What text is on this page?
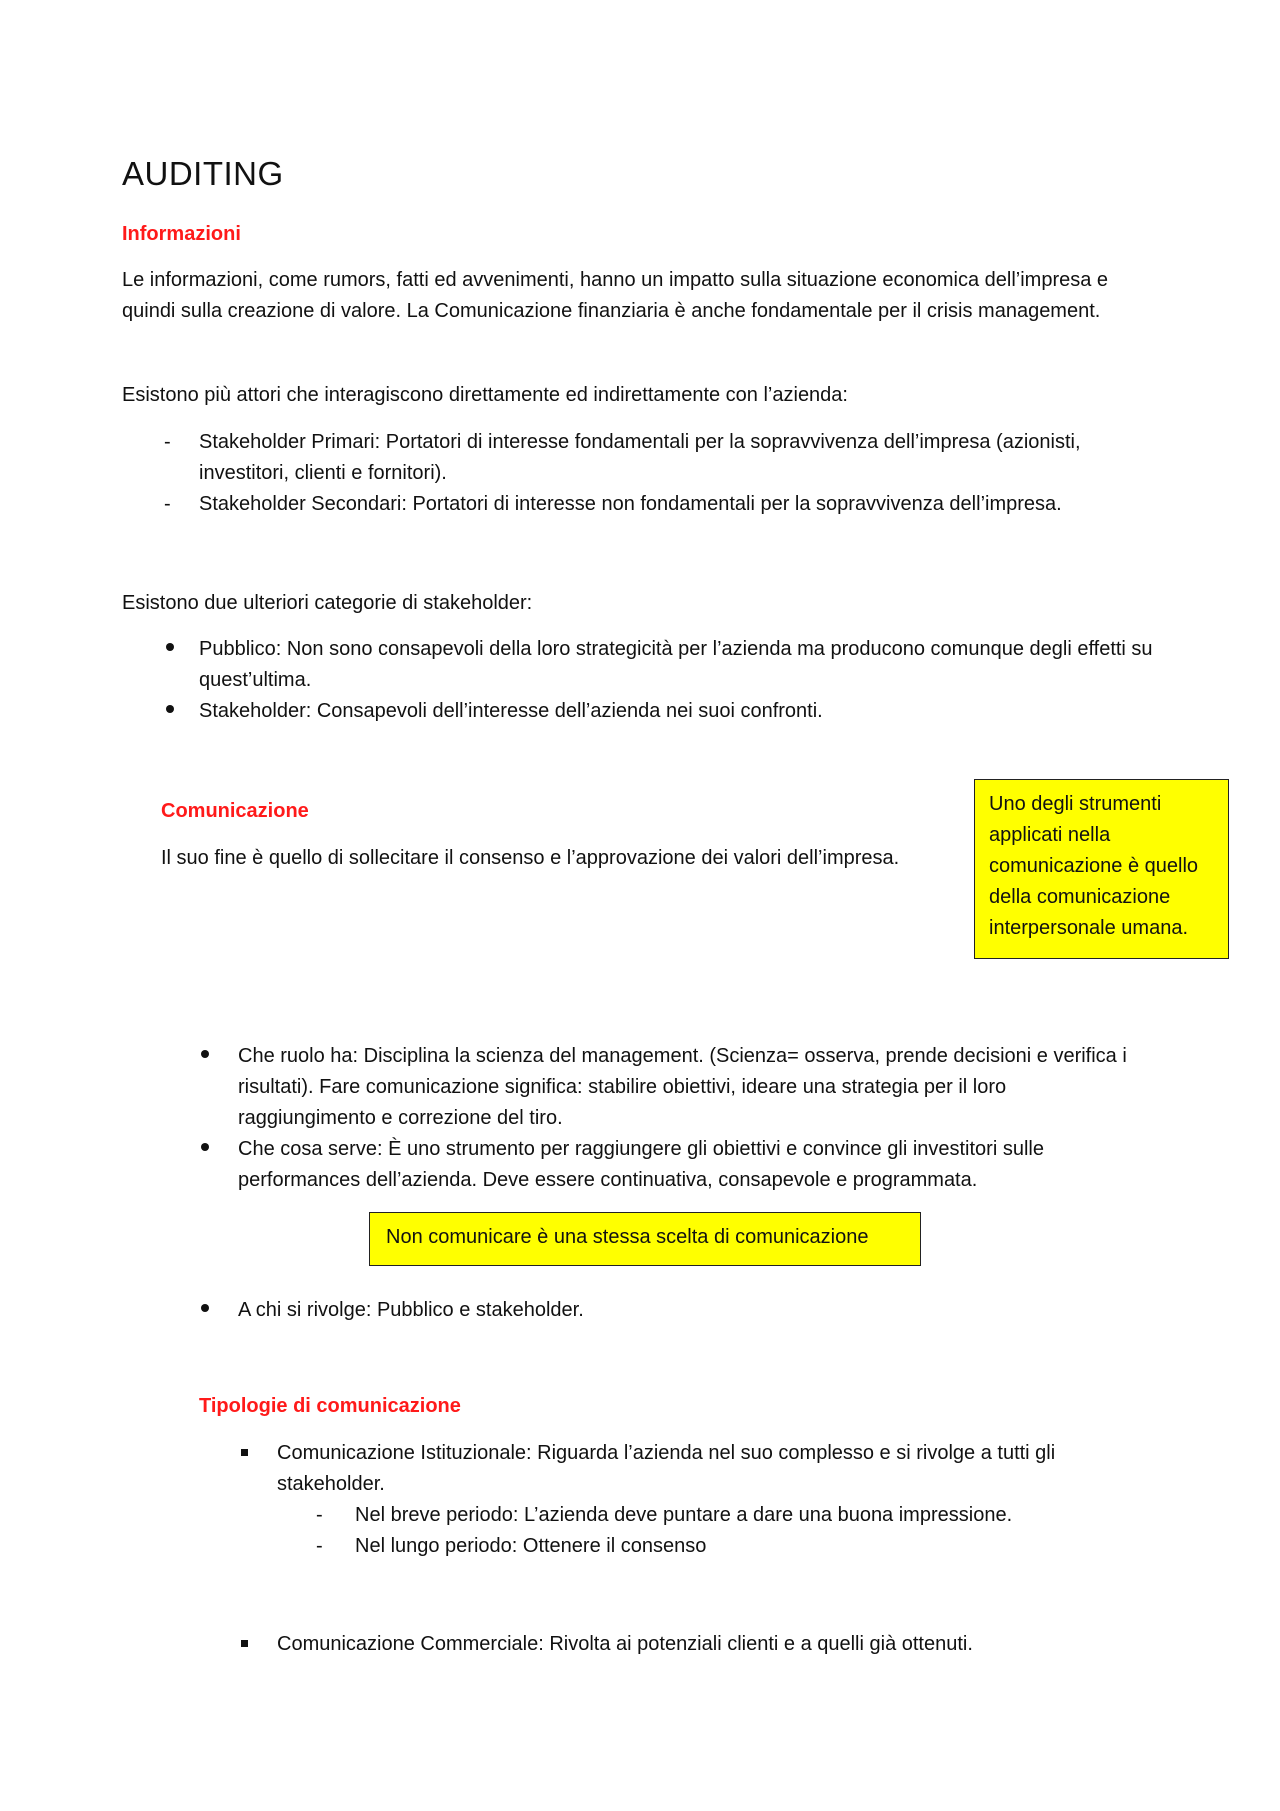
AUDITING
Informazioni
Le informazioni, come rumors, fatti ed avvenimenti, hanno un impatto sulla situazione economica dell’impresa e quindi sulla creazione di valore. La Comunicazione finanziaria è anche fondamentale per il crisis management.
Esistono più attori che interagiscono direttamente ed indirettamente con l’azienda:
- Stakeholder Primari: Portatori di interesse fondamentali per la sopravvivenza dell’impresa (azionisti, investitori, clienti e fornitori).
- Stakeholder Secondari: Portatori di interesse non fondamentali per la sopravvivenza dell’impresa.
Esistono due ulteriori categorie di stakeholder:
Pubblico: Non sono consapevoli della loro strategicità per l’azienda ma producono comunque degli effetti su quest’ultima.
Stakeholder: Consapevoli dell’interesse dell’azienda nei suoi confronti.
Comunicazione
Il suo fine è quello di sollecitare il consenso e l’approvazione dei valori dell’impresa.
Uno degli strumenti applicati nella comunicazione è quello della comunicazione interpersonale umana.
Che ruolo ha: Disciplina la scienza del management. (Scienza= osserva, prende decisioni e verifica i risultati). Fare comunicazione significa: stabilire obiettivi, ideare una strategia per il loro raggiungimento e correzione del tiro.
Che cosa serve: È uno strumento per raggiungere gli obiettivi e convince gli investitori sulle performances dell’azienda. Deve essere continuativa, consapevole e programmata.
Non comunicare è una stessa scelta di comunicazione
A chi si rivolge: Pubblico e stakeholder.
Tipologie di comunicazione
Comunicazione Istituzionale: Riguarda l’azienda nel suo complesso e si rivolge a tutti gli stakeholder.
- Nel breve periodo: L’azienda deve puntare a dare una buona impressione.
- Nel lungo periodo: Ottenere il consenso
Comunicazione Commerciale: Rivolta ai potenziali clienti e a quelli già ottenuti.
